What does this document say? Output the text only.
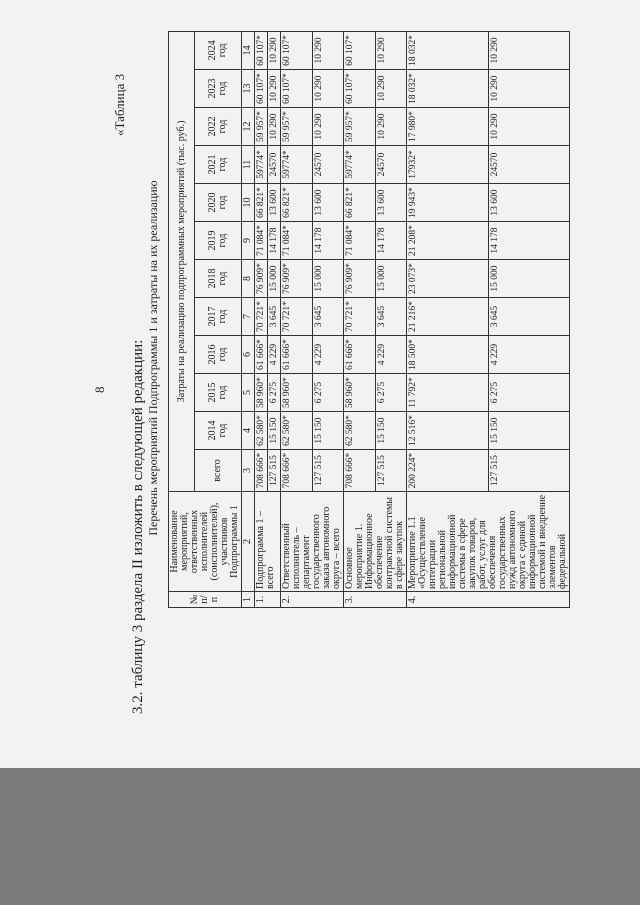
8 3.2. таблицу 3 раздела II изложить в следующей редакции:
«Таблица 3
Перечень мероприятий Подпрограммы 1 и затраты на их реализацию
№ п/п	Наименование мероприятий, ответственных исполнителей (соисполнителей), участников Подпрограммы 1	Затраты на реализацию подпрограммных мероприятий (тыс. руб.)											
		всего	2014 год	2015 год	2016 год	2017 год	2018 год	2019 год	2020 год	2021 год	2022 год	2023 год	2024 год
1	2	3	4	5	6	7	8	9	10	11	12	13	14
1.	Подпрограмма 1 – всего	708 666*	62 580*	58 960*	61 666*	70 721*	76 909*	71 084*	66 821*	59774*	59 957*	60 107*	60 107*
		127 515	15 150	6 275	4 229	3 645	15 000	14 178	13 600	24570	10 290	10 290	10 290
2.	Ответственный исполнитель – департамент государственного заказа автономного округа – всего	708 666*	62 580*	58 960*	61 666*	70 721*	76 909*	71 084*	66 821*	59774*	59 957*	60 107*	60 107*
		127 515	15 150	6 275	4 229	3 645	15 000	14 178	13 600	24570	10 290	10 290	10 290
3.	Основное мероприятие 1. Информационное обеспечение контрактной системы в сфере закупок	708 666*	62 580*	58 960*	61 666*	70 721*	76 909*	71 084*	66 821*	59774*	59 957*	60 107*	60 107*
		127 515	15 150	6 275	4 229	3 645	15 000	14 178	13 600	24570	10 290	10 290	10 290
4.	Мероприятие 1.1 «Осуществление интеграции региональной информационной системы в сфере закупок товаров, работ, услуг для обеспечения государственных нужд автономного округа с единой информационной системой и внедрение элементов федеральной	200 224*	12 516*	11 792*	18 500*	21 216*	23 073*	21 208*	19 943*	17932*	17 980*	18 032*	18 032*
		127 515	15 150	6 275	4 229	3 645	15 000	14 178	13 600	24570	10 290	10 290	10 290
